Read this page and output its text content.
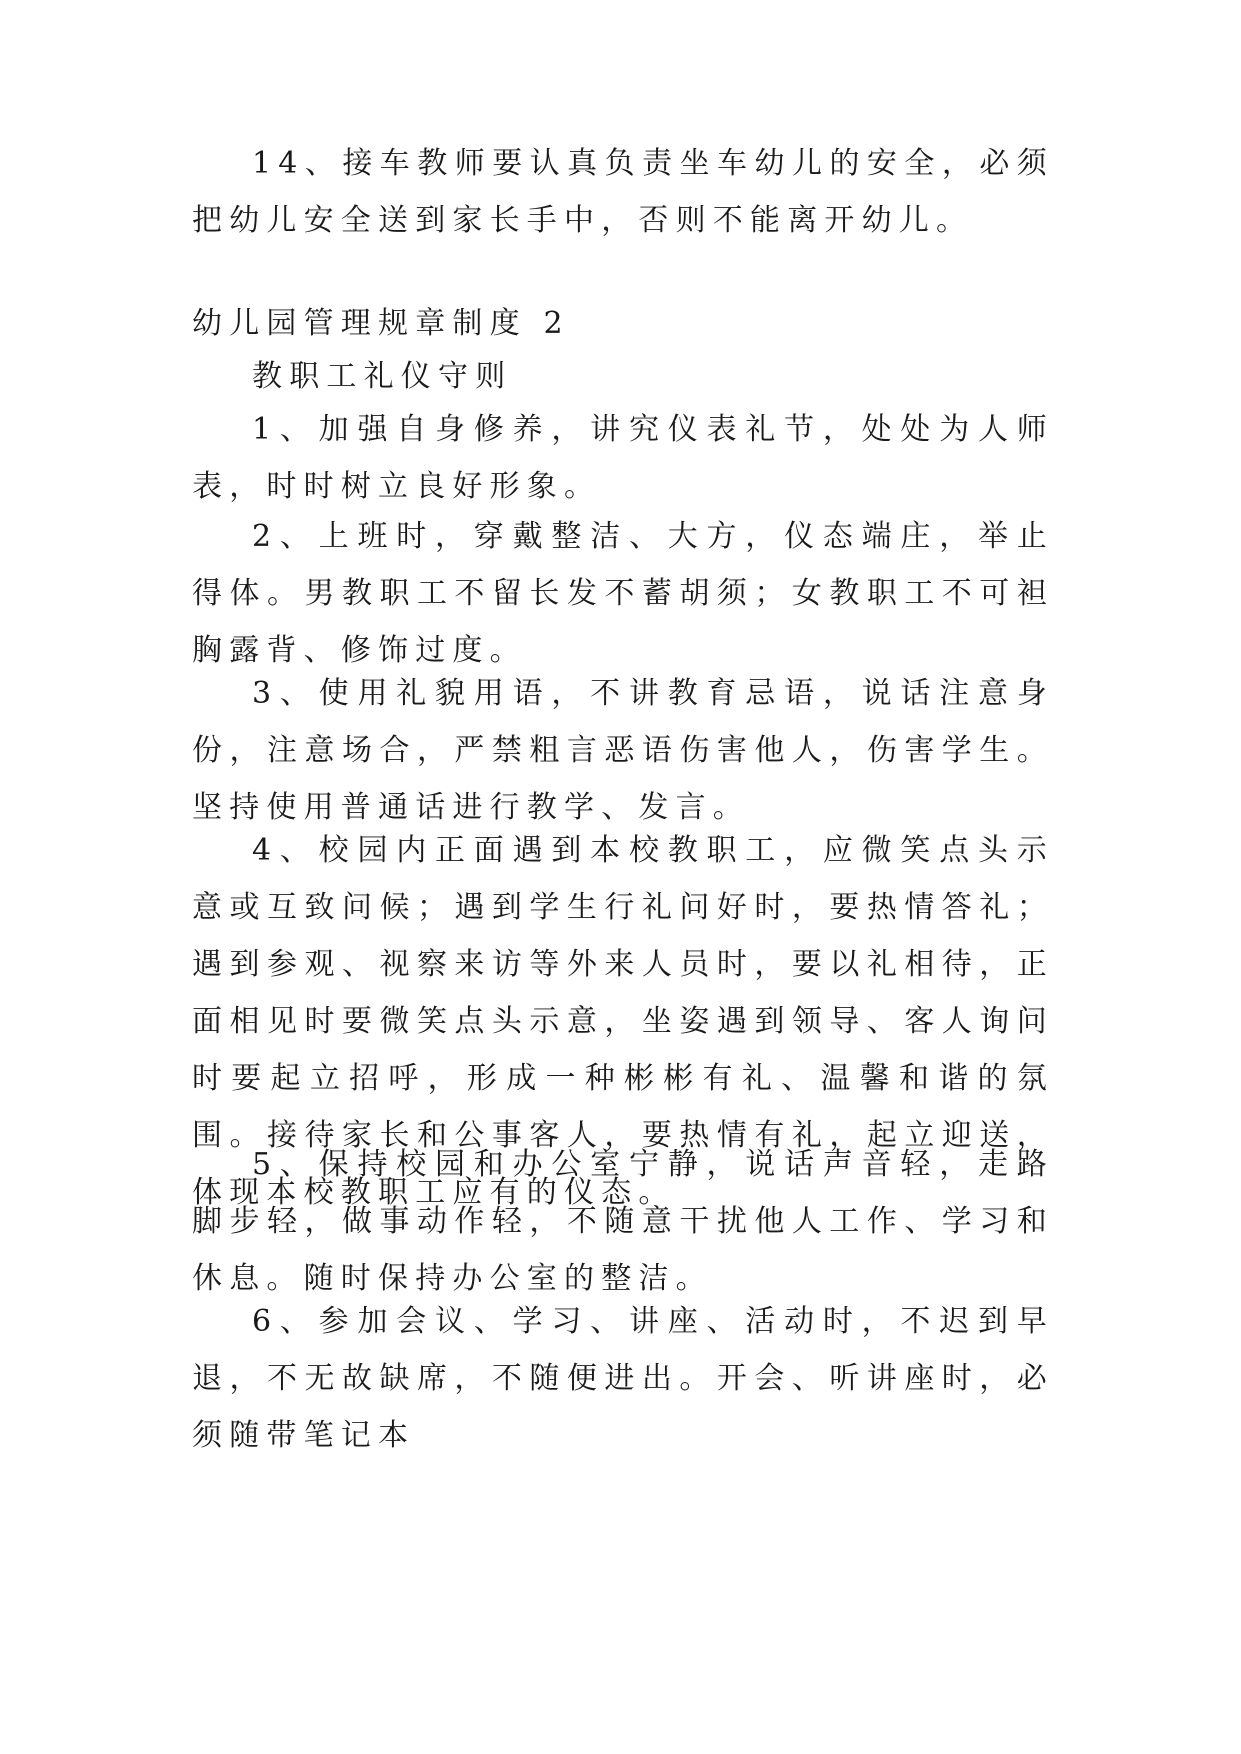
14、接车教师要认真负责坐车幼儿的安全，必须把幼儿安全送到家长手中，否则不能离开幼儿。

幼儿园管理规章制度 2

教职工礼仪守则

1、加强自身修养，讲究仪表礼节，处处为人师表，时时树立良好形象。

2、上班时，穿戴整洁、大方，仪态端庄，举止得体。男教职工不留长发不蓄胡须；女教职工不可袒胸露背、修饰过度。

3、使用礼貌用语，不讲教育忌语，说话注意身份，注意场合，严禁粗言恶语伤害他人，伤害学生。坚持使用普通话进行教学、发言。

4、校园内正面遇到本校教职工，应微笑点头示意或互致问候；遇到学生行礼问好时，要热情答礼；遇到参观、视察来访等外来人员时，要以礼相待，正面相见时要微笑点头示意，坐姿遇到领导、客人询问时要起立招呼，形成一种彬彬有礼、温馨和谐的氛围。接待家长和公事客人，要热情有礼，起立迎送，体现本校教职工应有的仪态。

5、保持校园和办公室宁静，说话声音轻，走路脚步轻，做事动作轻，不随意干扰他人工作、学习和休息。随时保持办公室的整洁。

6、参加会议、学习、讲座、活动时，不迟到早退，不无故缺席，不随便进出。开会、听讲座时，必须随带笔记本
